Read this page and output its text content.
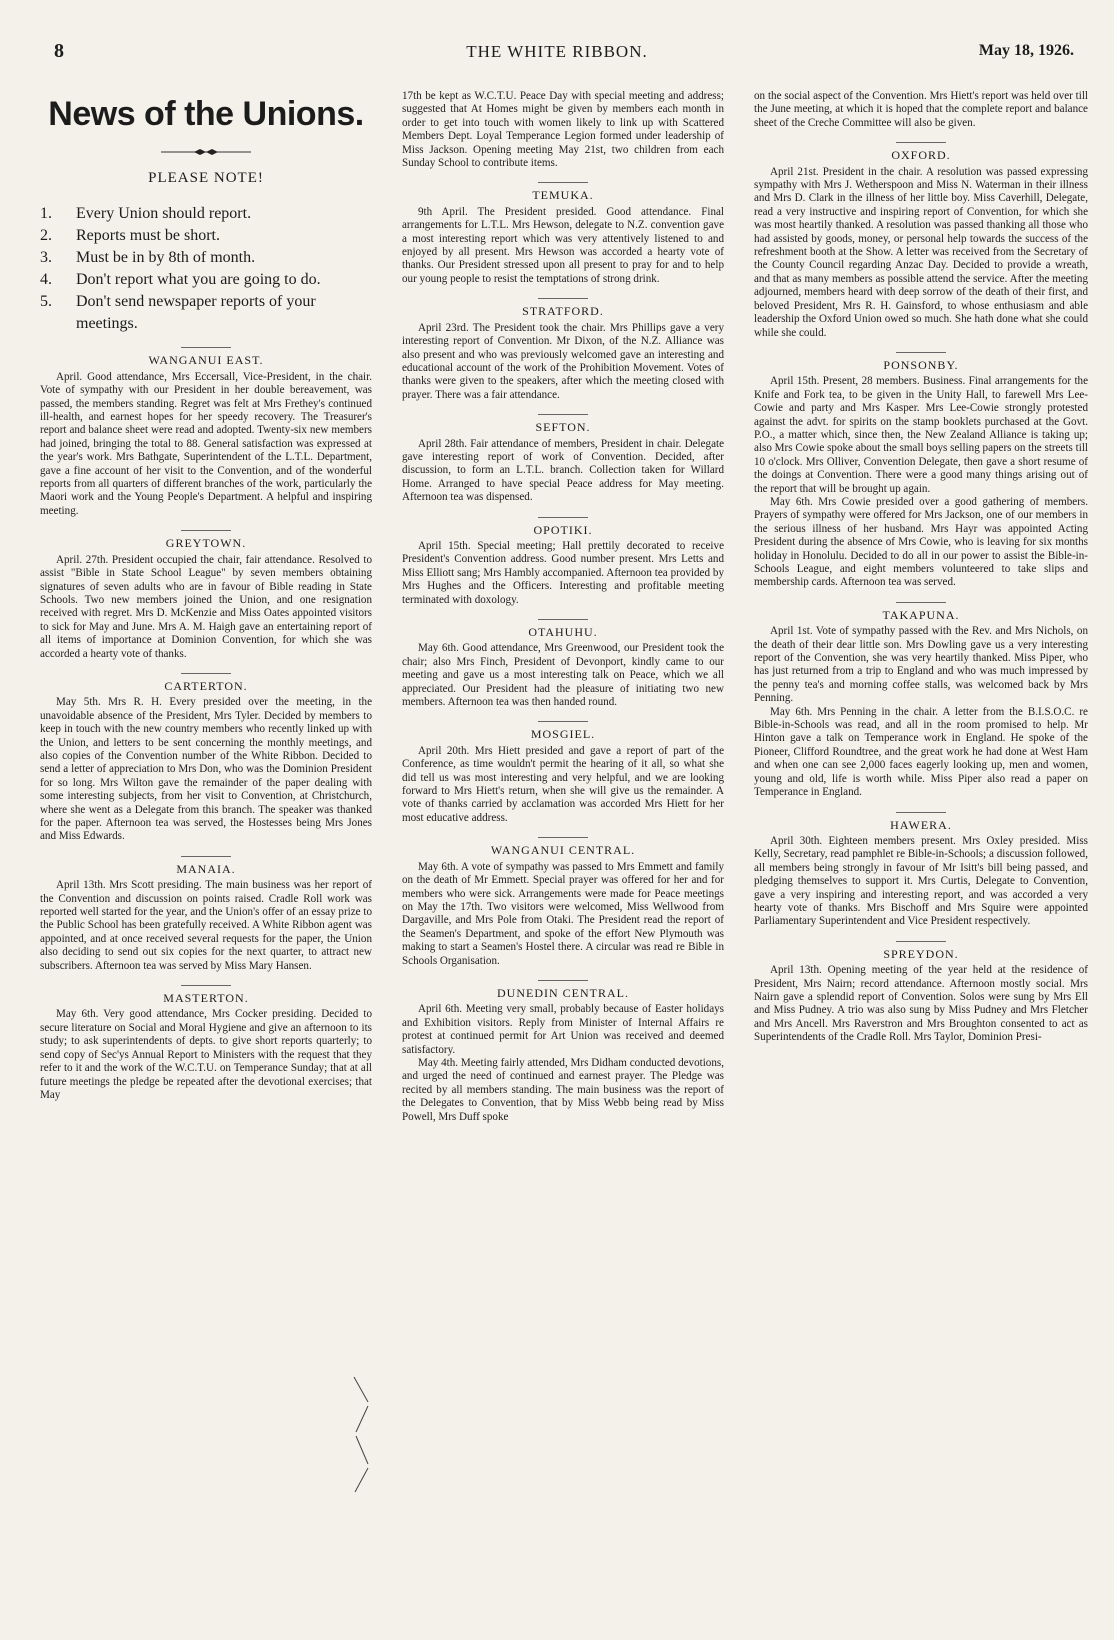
8	THE WHITE RIBBON.	May 18, 1926.
News of the Unions.
PLEASE NOTE!
1.	Every Union should report.
2.	Reports must be short.
3.	Must be in by 8th of month.
4.	Don't report what you are going to do.
5.	Don't send newspaper reports of your meetings.
WANGANUI EAST.
April. Good attendance, Mrs Eccersall, Vice-President, in the chair. Vote of sympathy with our President in her double bereavement, was passed, the members standing. Regret was felt at Mrs Frethey's continued ill-health, and earnest hopes for her speedy recovery. The Treasurer's report and balance sheet were read and adopted. Twenty-six new members had joined, bringing the total to 88. General satisfaction was expressed at the year's work. Mrs Bathgate, Superintendent of the L.T.L. Department, gave a fine account of her visit to the Convention, and of the wonderful reports from all quarters of different branches of the work, particularly the Maori work and the Young People's Department. A helpful and inspiring meeting.
GREYTOWN.
April. 27th. President occupied the chair, fair attendance. Resolved to assist "Bible in State School League" by seven members obtaining signatures of seven adults who are in favour of Bible reading in State Schools. Two new members joined the Union, and one resignation received with regret. Mrs D. McKenzie and Miss Oates appointed visitors to sick for May and June. Mrs A. M. Haigh gave an entertaining report of all items of importance at Dominion Convention, for which she was accorded a hearty vote of thanks.
CARTERTON.
May 5th. Mrs R. H. Every presided over the meeting, in the unavoidable absence of the President, Mrs Tyler. Decided by members to keep in touch with the new country members who recently linked up with the Union, and letters to be sent concerning the monthly meetings, and also copies of the Convention number of the White Ribbon. Decided to send a letter of appreciation to Mrs Don, who was the Dominion President for so long. Mrs Wilton gave the remainder of the paper dealing with some interesting subjects, from her visit to Convention, at Christchurch, where she went as a Delegate from this branch. The speaker was thanked for the paper. Afternoon tea was served, the Hostesses being Mrs Jones and Miss Edwards.
MANAIA.
April 13th. Mrs Scott presiding. The main business was her report of the Convention and discussion on points raised. Cradle Roll work was reported well started for the year, and the Union's offer of an essay prize to the Public School has been gratefully received. A White Ribbon agent was appointed, and at once received several requests for the paper, the Union also deciding to send out six copies for the next quarter, to attract new subscribers. Afternoon tea was served by Miss Mary Hansen.
MASTERTON.
May 6th. Very good attendance, Mrs Cocker presiding. Decided to secure literature on Social and Moral Hygiene and give an afternoon to its study; to ask superintendents of depts. to give short reports quarterly; to send copy of Sec'ys Annual Report to Ministers with the request that they refer to it and the work of the W.C.T.U. on Temperance Sunday; that at all future meetings the pledge be repeated after the devotional exercises; that May
17th be kept as W.C.T.U. Peace Day with special meeting and address; suggested that At Homes might be given by members each month in order to get into touch with women likely to link up with Scattered Members Dept. Loyal Temperance Legion formed under leadership of Miss Jackson. Opening meeting May 21st, two children from each Sunday School to contribute items.
TEMUKA.
9th April. The President presided. Good attendance. Final arrangements for L.T.L. Mrs Hewson, delegate to N.Z. convention gave a most interesting report which was very attentively listened to and enjoyed by all present. Mrs Hewson was accorded a hearty vote of thanks. Our President stressed upon all present to pray for and to help our young people to resist the temptations of strong drink.
STRATFORD.
April 23rd. The President took the chair. Mrs Phillips gave a very interesting report of Convention. Mr Dixon, of the N.Z. Alliance was also present and who was previously welcomed gave an interesting and educational account of the work of the Prohibition Movement. Votes of thanks were given to the speakers, after which the meeting closed with prayer. There was a fair attendance.
SEFTON.
April 28th. Fair attendance of members, President in chair. Delegate gave interesting report of work of Convention. Decided, after discussion, to form an L.T.L. branch. Collection taken for Willard Home. Arranged to have special Peace address for May meeting. Afternoon tea was dispensed.
OPOTIKI.
April 15th. Special meeting; Hall prettily decorated to receive President's Convention address. Good number present. Mrs Letts and Miss Elliott sang; Mrs Hambly accompanied. Afternoon tea provided by Mrs Hughes and the Officers. Interesting and profitable meeting terminated with doxology.
OTAHUHU.
May 6th. Good attendance, Mrs Greenwood, our President took the chair; also Mrs Finch, President of Devonport, kindly came to our meeting and gave us a most interesting talk on Peace, which we all appreciated. Our President had the pleasure of initiating two new members. Afternoon tea was then handed round.
MOSGIEL.
April 20th. Mrs Hiett presided and gave a report of part of the Conference, as time wouldn't permit the hearing of it all, so what she did tell us was most interesting and very helpful, and we are looking forward to Mrs Hiett's return, when she will give us the remainder. A vote of thanks carried by acclamation was accorded Mrs Hiett for her most educative address.
WANGANUI CENTRAL.
May 6th. A vote of sympathy was passed to Mrs Emmett and family on the death of Mr Emmett. Special prayer was offered for her and for members who were sick. Arrangements were made for Peace meetings on May the 17th. Two visitors were welcomed, Miss Wellwood from Dargaville, and Mrs Pole from Otaki. The President read the report of the Seamen's Department, and spoke of the effort New Plymouth was making to start a Seamen's Hostel there. A circular was read re Bible in Schools Organisation.
DUNEDIN CENTRAL.
April 6th. Meeting very small, probably because of Easter holidays and Exhibition visitors. Reply from Minister of Internal Affairs re protest at continued permit for Art Union was received and deemed satisfactory.
May 4th. Meeting fairly attended, Mrs Didham conducted devotions, and urged the need of continued and earnest prayer. The Pledge was recited by all members standing. The main business was the report of the Delegates to Convention, that by Miss Webb being read by Miss Powell, Mrs Duff spoke
on the social aspect of the Convention. Mrs Hiett's report was held over till the June meeting, at which it is hoped that the complete report and balance sheet of the Creche Committee will also be given.
OXFORD.
April 21st. President in the chair. A resolution was passed expressing sympathy with Mrs J. Wetherspoon and Miss N. Waterman in their illness and Mrs D. Clark in the illness of her little boy. Miss Caverhill, Delegate, read a very instructive and inspiring report of Convention, for which she was most heartily thanked. A resolution was passed thanking all those who had assisted by goods, money, or personal help towards the success of the refreshment booth at the Show. A letter was received from the Secretary of the County Council regarding Anzac Day. Decided to provide a wreath, and that as many members as possible attend the service. After the meeting adjourned, members heard with deep sorrow of the death of their first, and beloved President, Mrs R. H. Gainsford, to whose enthusiasm and able leadership the Oxford Union owed so much. She hath done what she could while she could.
PONSONBY.
April 15th. Present, 28 members. Business. Final arrangements for the Knife and Fork tea, to be given in the Unity Hall, to farewell Mrs Lee-Cowie and party and Mrs Kasper. Mrs Lee-Cowie strongly protested against the advt. for spirits on the stamp booklets purchased at the Govt. P.O., a matter which, since then, the New Zealand Alliance is taking up; also Mrs Cowie spoke about the small boys selling papers on the streets till 10 o'clock. Mrs Olliver, Convention Delegate, then gave a short resume of the doings at Convention. There were a good many things arising out of the report that will be brought up again.
May 6th. Mrs Cowie presided over a good gathering of members. Prayers of sympathy were offered for Mrs Jackson, one of our members in the serious illness of her husband. Mrs Hayr was appointed Acting President during the absence of Mrs Cowie, who is leaving for six months holiday in Honolulu. Decided to do all in our power to assist the Bible-in-Schools League, and eight members volunteered to take slips and membership cards. Afternoon tea was served.
TAKAPUNA.
April 1st. Vote of sympathy passed with the Rev. and Mrs Nichols, on the death of their dear little son. Mrs Dowling gave us a very interesting report of the Convention, she was very heartily thanked. Miss Piper, who has just returned from a trip to England and who was much impressed by the penny tea's and morning coffee stalls, was welcomed back by Mrs Penning.
May 6th. Mrs Penning in the chair. A letter from the B.I.S.O.C. re Bible-in-Schools was read, and all in the room promised to help. Mr Hinton gave a talk on Temperance work in England. He spoke of the Pioneer, Clifford Roundtree, and the great work he had done at West Ham and when one can see 2,000 faces eagerly looking up, men and women, young and old, life is worth while. Miss Piper also read a paper on Temperance in England.
HAWERA.
April 30th. Eighteen members present. Mrs Oxley presided. Miss Kelly, Secretary, read pamphlet re Bible-in-Schools; a discussion followed, all members being strongly in favour of Mr Isitt's bill being passed, and pledging themselves to support it. Mrs Curtis, Delegate to Convention, gave a very inspiring and interesting report, and was accorded a very hearty vote of thanks. Mrs Bischoff and Mrs Squire were appointed Parliamentary Superintendent and Vice President respectively.
SPREYDON.
April 13th. Opening meeting of the year held at the residence of President, Mrs Nairn; record attendance. Afternoon mostly social. Mrs Nairn gave a splendid report of Convention. Solos were sung by Mrs Ell and Miss Pudney. A trio was also sung by Miss Pudney and Mrs Fletcher and Mrs Ancell. Mrs Raverstron and Mrs Broughton consented to act as Superintendents of the Cradle Roll. Mrs Taylor, Dominion Presi-
